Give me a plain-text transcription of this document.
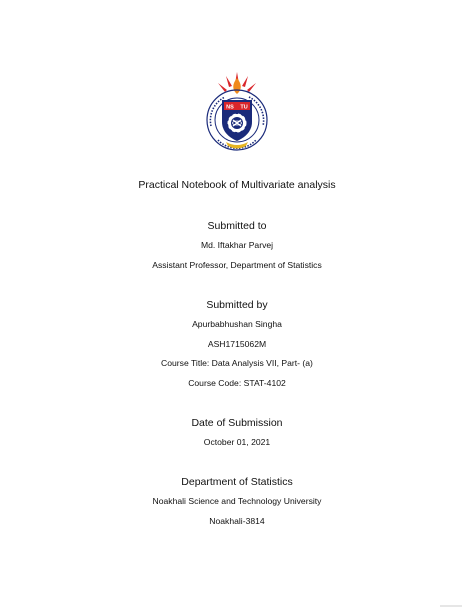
NS TU
Practical Notebook of Multivariate analysis
Submitted to
Md. Iftakhar Parvej
Assistant Professor, Department of Statistics
Submitted by
Apurbabhushan Singha
ASH1715062M
Course Title: Data Analysis VII, Part- (a)
Course Code: STAT-4102
Date of Submission
October 01, 2021
Department of Statistics
Noakhali Science and Technology University
Noakhali-3814
